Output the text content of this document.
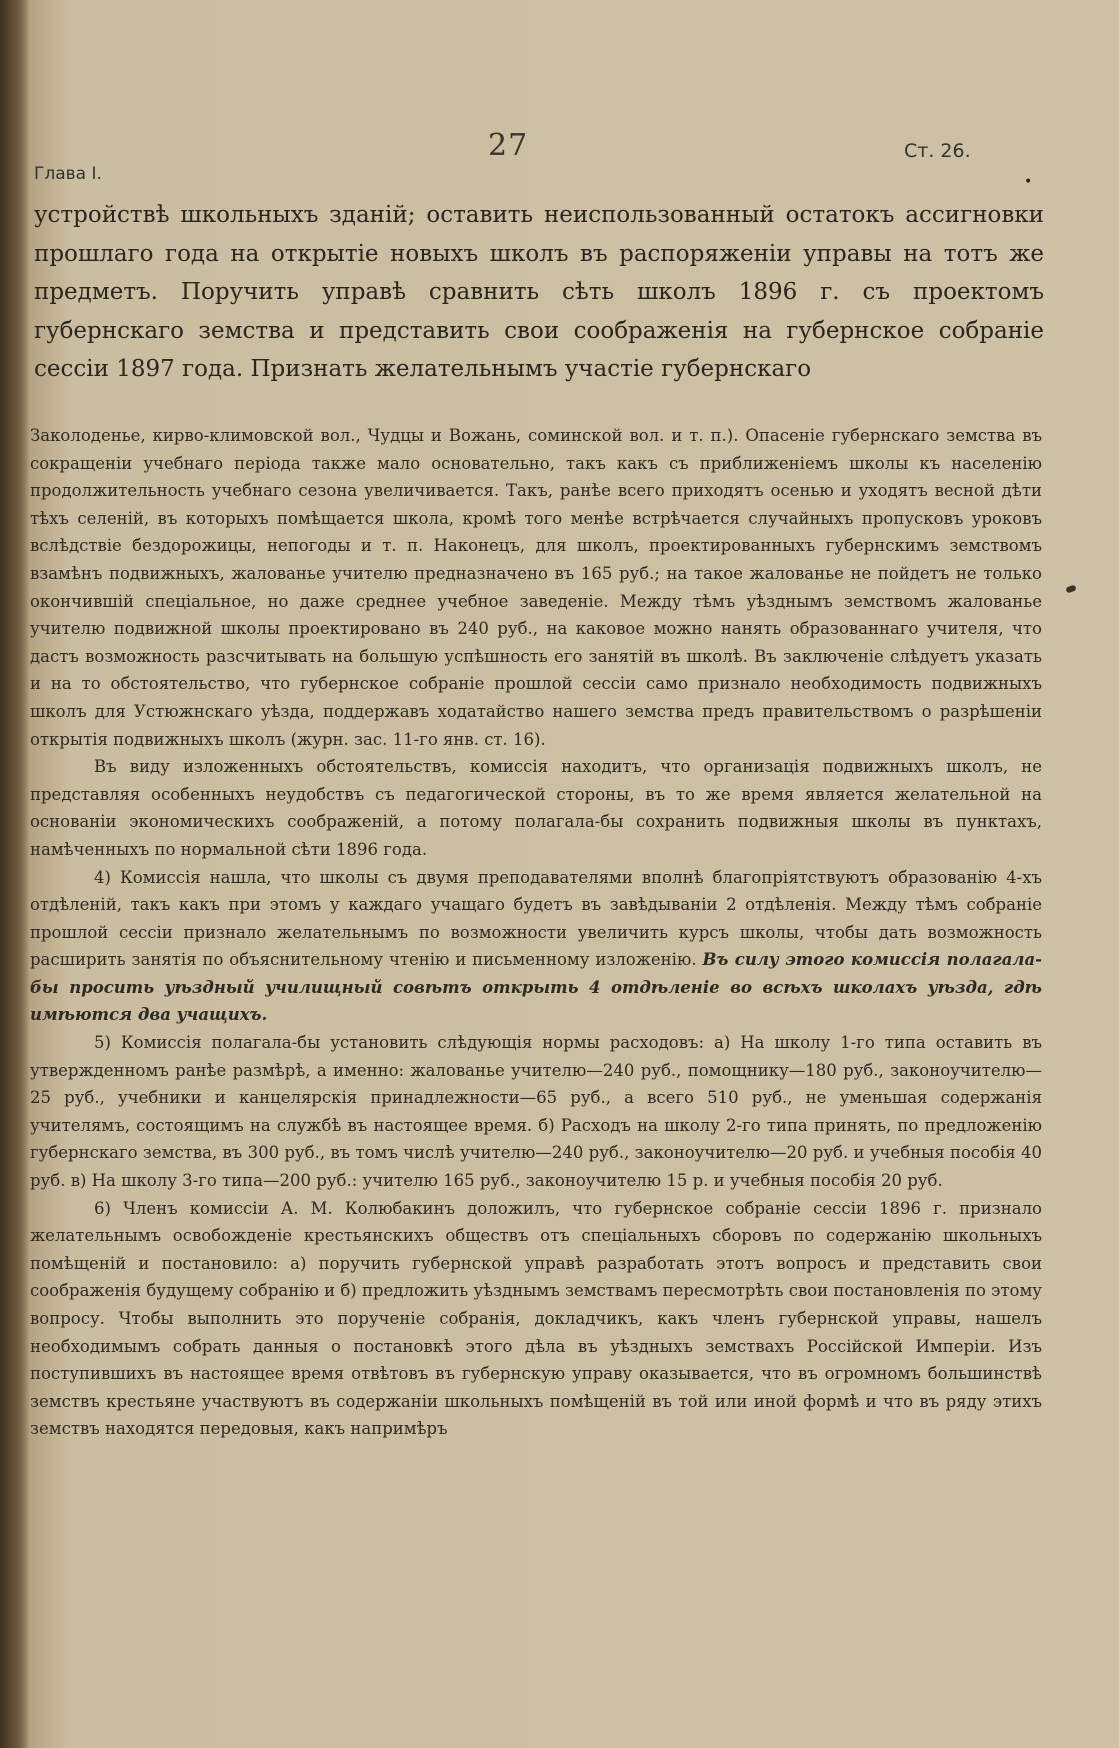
27	Ст. 26.
Глава I.	•

устройствѣ школьныхъ зданій; оставить неиспользованный остатокъ ассигновки прошлаго года на открытіе новыхъ школъ въ распоряженіи управы на тотъ же предметъ. Поручить управѣ сравнить сѣть школъ 1896 г. съ проектомъ губернскаго земства и представить свои соображенія на губернское собраніе сессіи 1897 года. Признать желательнымъ участіе губернскаго

Заколоденье, кирво-климовской вол., Чудцы и Вожань, соминской вол. и т. п.). Опасеніе губернскаго земства въ сокращеніи учебнаго періода также мало основательно, такъ какъ съ приближеніемъ школы къ населенію продолжительность учебнаго сезона увеличивается. Такъ, ранѣе всего приходятъ осенью и уходятъ весной дѣти тѣхъ селеній, въ которыхъ помѣщается школа, кромѣ того менѣе встрѣчается случайныхъ пропусковъ уроковъ вслѣдствіе бездорожицы, непогоды и т. п. Наконецъ, для школъ, проектированныхъ губернскимъ земствомъ взамѣнъ подвижныхъ, жалованье учителю предназначено въ 165 руб.; на такое жалованье не пойдетъ не только окончившій спеціальное, но даже среднее учебное заведеніе. Между тѣмъ уѣзднымъ земствомъ жалованье учителю подвижной школы проектировано въ 240 руб., на каковое можно нанять образованнаго учителя, что дастъ возможность разсчитывать на большую успѣшность его занятій въ школѣ. Въ заключеніе слѣдуетъ указать и на то обстоятельство, что губернское собраніе прошлой сессіи само признало необходимость подвижныхъ школъ для Устюжнскаго уѣзда, поддержавъ ходатайство нашего земства предъ правительствомъ о разрѣшеніи открытія подвижныхъ школъ (журн. зас. 11-го янв. ст. 16).

Въ виду изложенныхъ обстоятельствъ, комиссія находитъ, что организація подвижныхъ школъ, не представляя особенныхъ неудобствъ съ педагогической стороны, въ то же время является желательной на основаніи экономическихъ соображеній, а потому полагала-бы сохранить подвижныя школы въ пунктахъ, намѣченныхъ по нормальной сѣти 1896 года.

4) Комиссія нашла, что школы съ двумя преподавателями вполнѣ благопріятствуютъ образованію 4-хъ отдѣленій, такъ какъ при этомъ у каждаго учащаго будетъ въ завѣдываніи 2 отдѣленія. Между тѣмъ собраніе прошлой сессіи признало желательнымъ по возможности увеличить курсъ школы, чтобы дать возможность расширить занятія по объяснительному чтенію и письменному изложенію. Въ силу этого комиссія полагала-бы просить уѣздный училищный совѣтъ открыть 4 отдѣленіе во всѣхъ школахъ уѣзда, гдѣ имѣются два учащихъ.

5) Комиссія полагала-бы установить слѣдующія нормы расходовъ: а) На школу 1-го типа оставить въ утвержденномъ ранѣе размѣрѣ, а именно: жалованье учителю—240 руб., помощнику—180 руб., законоучителю—25 руб., учебники и канцелярскія принадлежности—65 руб., а всего 510 руб., не уменьшая содержанія учителямъ, состоящимъ на службѣ въ настоящее время. б) Расходъ на школу 2-го типа принять, по предложенію губернскаго земства, въ 300 руб., въ томъ числѣ учителю—240 руб., законоучителю—20 руб. и учебныя пособія 40 руб. в) На школу 3-го типа—200 руб.: учителю 165 руб., законоучителю 15 р. и учебныя пособія 20 руб.

6) Членъ комиссіи А. М. Колюбакинъ доложилъ, что губернское собраніе сессіи 1896 г. признало желательнымъ освобожденіе крестьянскихъ обществъ отъ спеціальныхъ сборовъ по содержанію школьныхъ помѣщеній и постановило: а) поручить губернской управѣ разработать этотъ вопросъ и представить свои соображенія будущему собранію и б) предложить уѣзднымъ земствамъ пересмотрѣть свои постановленія по этому вопросу. Чтобы выполнить это порученіе собранія, докладчикъ, какъ членъ губернской управы, нашелъ необходимымъ собрать данныя о постановкѣ этого дѣла въ уѣздныхъ земствахъ Россійской Имперіи. Изъ поступившихъ въ настоящее время отвѣтовъ въ губернскую управу оказывается, что въ огромномъ большинствѣ земствъ крестьяне участвуютъ въ содержаніи школьныхъ помѣщеній въ той или иной формѣ и что въ ряду этихъ земствъ находятся передовыя, какъ напримѣръ
